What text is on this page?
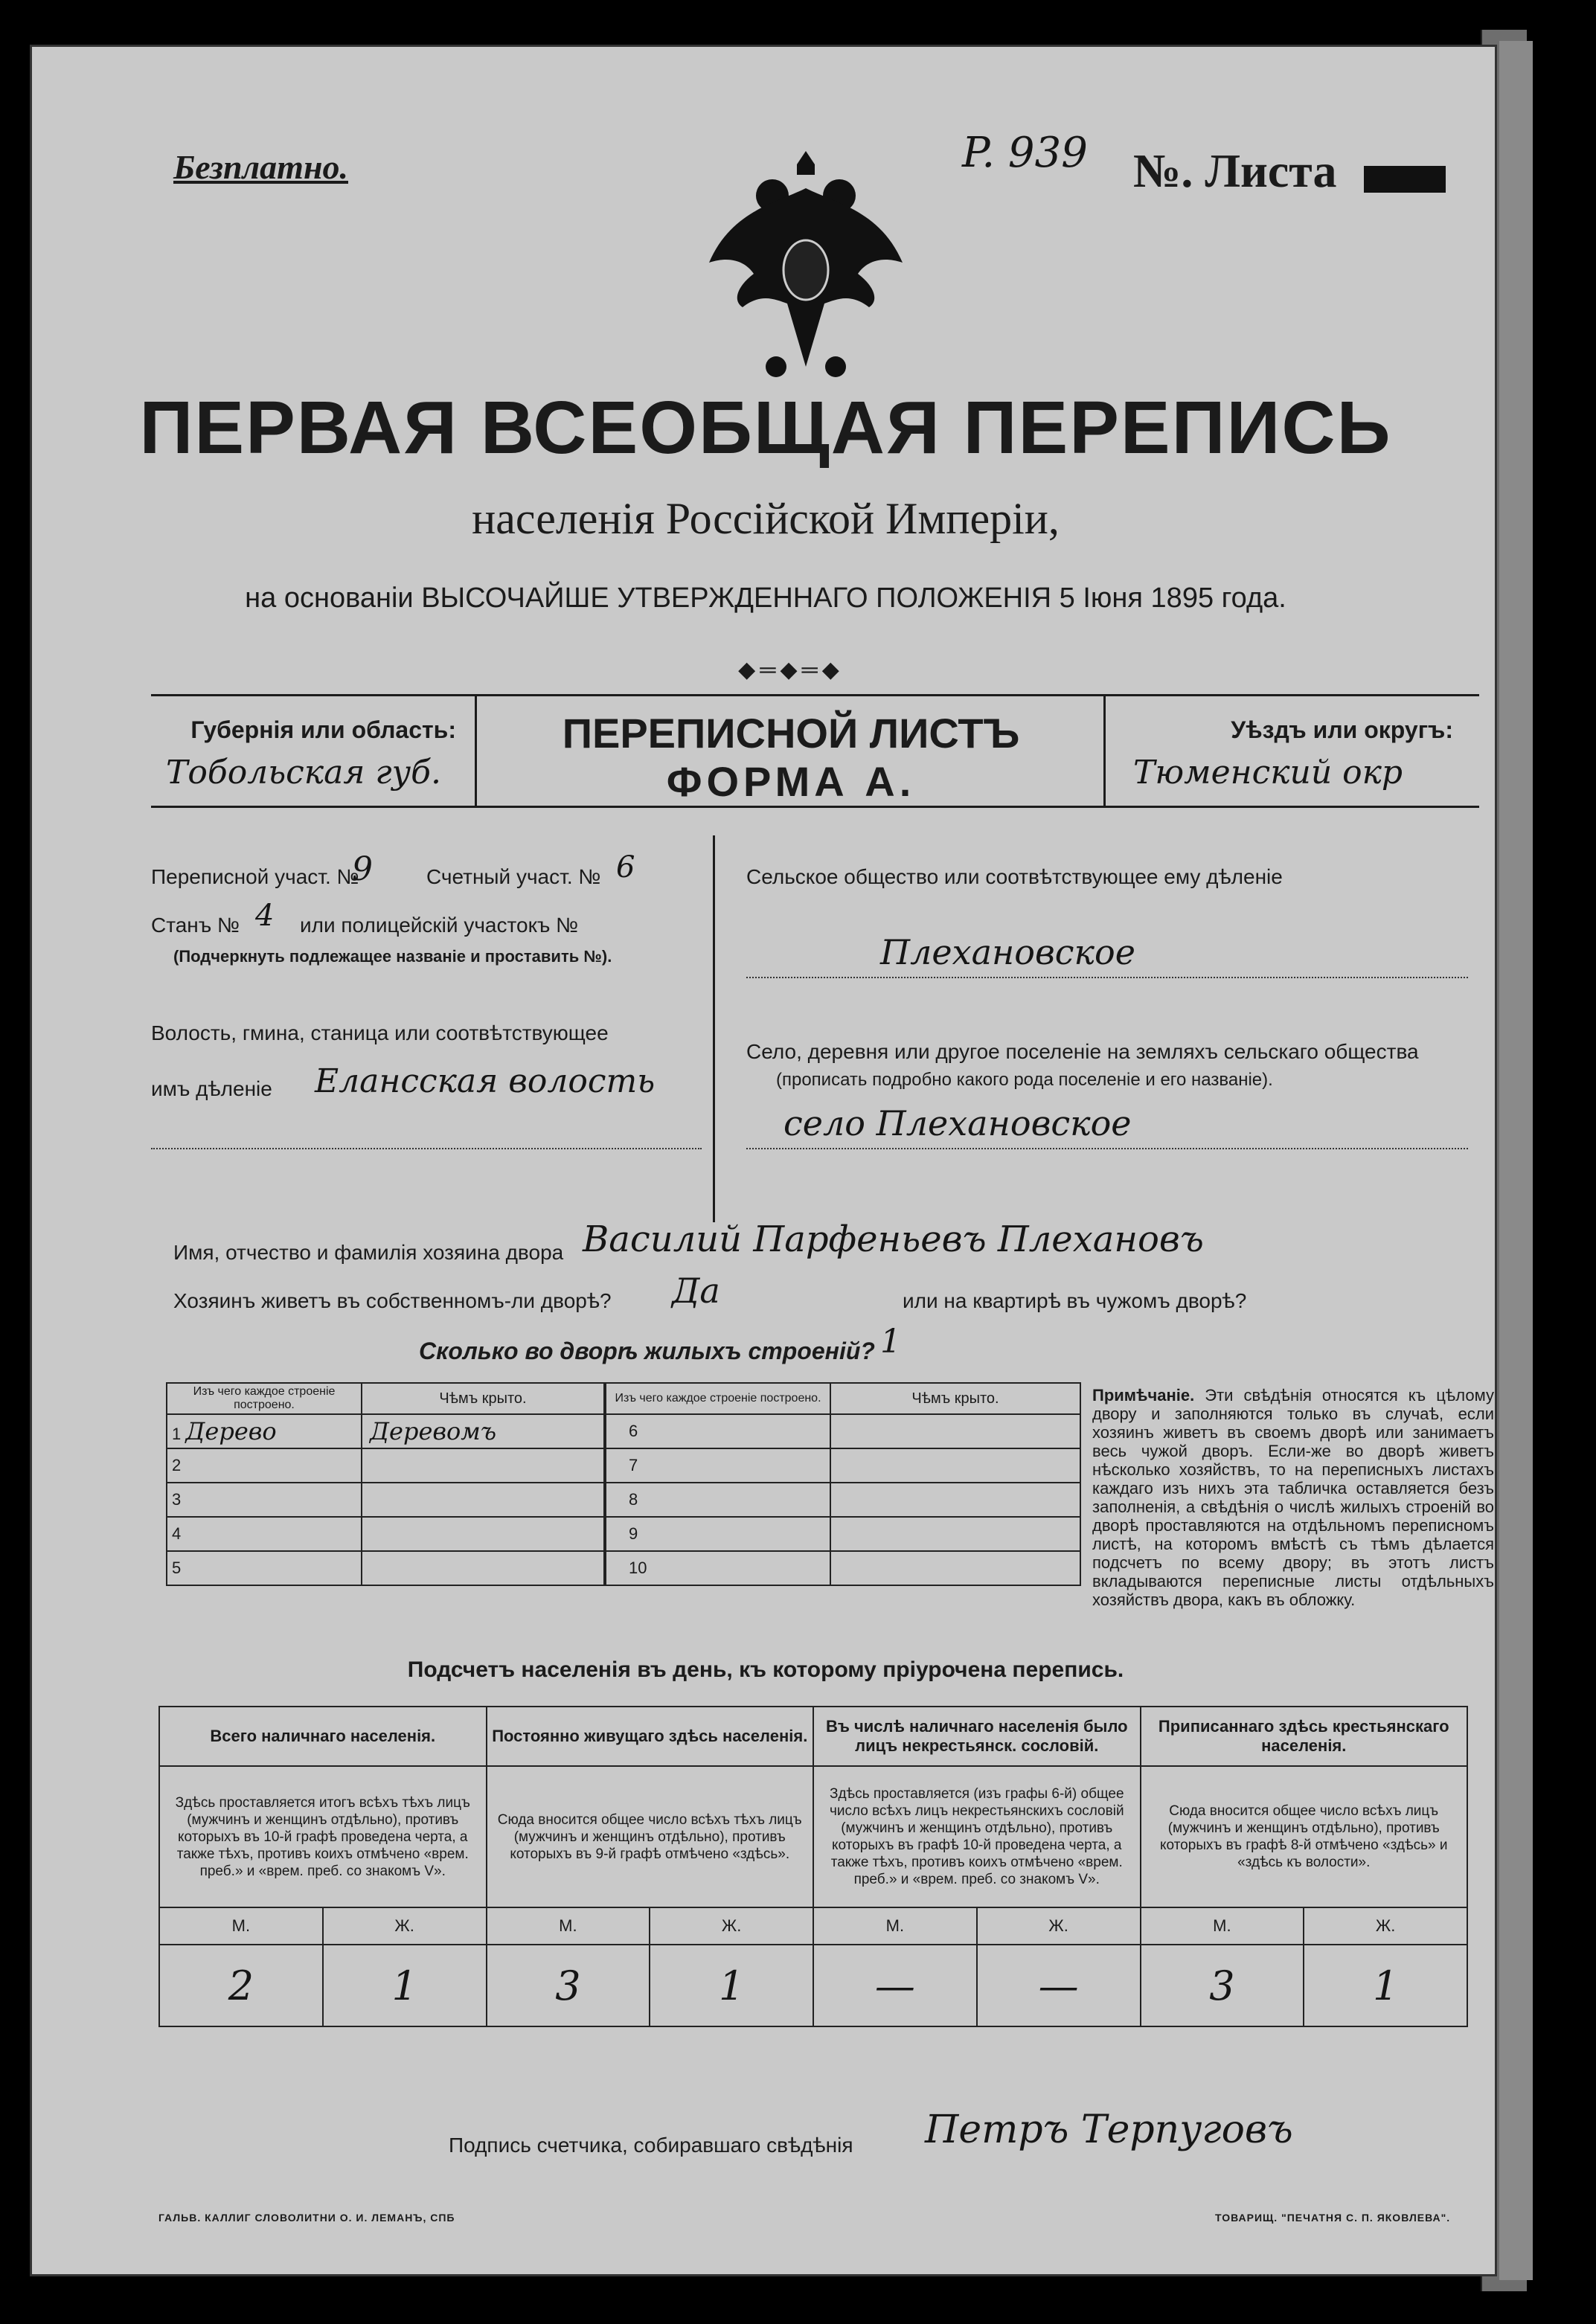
Безплатно.	P. 939 №. Листа
ПЕРВАЯ ВСЕОБЩАЯ ПЕРЕПИСЬ
населенія Россійской Имперіи,
на основаніи ВЫСОЧАЙШЕ УТВЕРЖДЕННАГО ПОЛОЖЕНІЯ 5 Іюня 1895 года.
◆═◆═◆
Губернія или область:
Тобольская губ.
ПЕРЕПИСНОЙ ЛИСТЪ
ФОРМА А.
Уѣздъ или округъ:
Тюменский окр
Переписной участ. №
9	Счетный участ. № 6
Станъ № 4 или полицейскій участокъ №
(Подчеркнуть подлежащее названіе и проставить №).
Волость, гмина, станица или соотвѣтствующее
имъ дѣленіе Елансская волость
Сельское общество или соотвѣтствующее ему дѣленіе
Плехановское
Село, деревня или другое поселеніе на земляхъ сельскаго общества
(прописать подробно какого рода поселеніе и его названіе).
село Плехановское
Имя, отчество и фамилія хозяина двора Василий Парфеньевъ Плехановъ
Хозяинъ живетъ въ собственномъ-ли дворѣ? Да	или на квартирѣ въ чужомъ дворѣ?
Сколько во дворѣ жилыхъ строеній? 1
Изъ чего каждое строеніе построено.	Чѣмъ крыто.
1 Дерево	Деревомъ
2	
3	
4	
5	
Изъ чего каждое строеніе построено.	Чѣмъ крыто.
6	
7	
8	
9	
10	
Примѣчаніе. Эти свѣдѣнія относятся къ цѣлому двору и заполняются только въ случаѣ, если хозяинъ живетъ въ своемъ дворѣ или занимаетъ весь чужой дворъ. Если-же во дворѣ живетъ нѣсколько хозяйствъ, то на переписныхъ листахъ каждаго изъ нихъ эта табличка оставляется безъ заполненія, а свѣдѣнія о числѣ жилыхъ строеній во дворѣ проставляются на отдѣльномъ переписномъ листѣ, на которомъ вмѣстѣ съ тѣмъ дѣлается подсчетъ по всему двору; въ этотъ листъ вкладываются переписные листы отдѣльныхъ хозяйствъ двора, какъ въ обложку.
Подсчетъ населенія въ день, къ которому пріурочена перепись.
Всего наличнаго населенія.		Постоянно живущаго здѣсь населенія.		Въ числѣ наличнаго населенія было лицъ некрестьянск. сословій.		Приписаннаго здѣсь крестьянскаго населенія.	
Здѣсь проставляется итогъ всѣхъ тѣхъ лицъ (мужчинъ и женщинъ отдѣльно), противъ которыхъ въ 10-й графѣ проведена черта, а также тѣхъ, противъ коихъ отмѣчено «врем. преб.» и «врем. преб. со знакомъ V».		Сюда вносится общее число всѣхъ тѣхъ лицъ (мужчинъ и женщинъ отдѣльно), противъ которыхъ въ 9-й графѣ отмѣчено «здѣсь».		Здѣсь проставляется (изъ графы 6-й) общее число всѣхъ лицъ некрестьянскихъ сословій (мужчинъ и женщинъ отдѣльно), противъ которыхъ въ графѣ 10-й проведена черта, а также тѣхъ, противъ коихъ отмѣчено «врем. преб.» и «врем. преб. со знакомъ V».		Сюда вносится общее число всѣхъ лицъ (мужчинъ и женщинъ отдѣльно), противъ которыхъ въ графѣ 8-й отмѣчено «здѣсь» и «здѣсь къ волости».	
М.	Ж.	М.	Ж.	М.	Ж.	М.	Ж.
2	1	3	1	—	—	3	1
Подпись счетчика, собиравшаго свѣдѣнія Петръ Терпуговъ
ГАЛЬВ. КАЛЛИГ СЛОВОЛИТНИ О. И. ЛЕМАНЪ, СПБ	ТОВАРИЩ. "ПЕЧАТНЯ С. П. ЯКОВЛЕВА".
